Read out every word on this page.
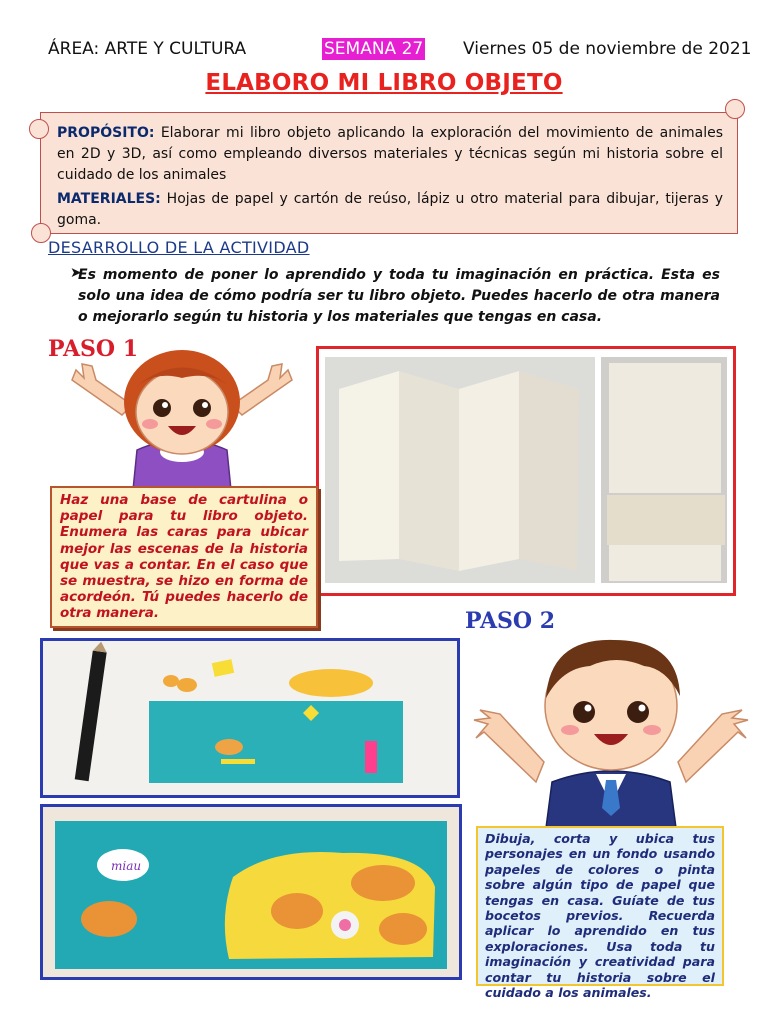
ÁREA: ARTE Y CULTURA	SEMANA 27 Viernes 05 de noviembre de 2021
ELABORO MI LIBRO OBJETO
PROPÓSITO: Elaborar mi libro objeto aplicando la exploración del movimiento de animales en 2D y 3D, así como empleando diversos materiales y técnicas según mi historia sobre el cuidado de los animales
MATERIALES: Hojas de papel y cartón de reúso, lápiz u otro material para dibujar, tijeras y goma.
DESARROLLO DE LA ACTIVIDAD
➤
Es momento de poner lo aprendido y toda tu imaginación en práctica. Esta es solo una idea de cómo podría ser tu libro objeto. Puedes hacerlo de otra manera o mejorarlo según tu historia y los materiales que tengas en casa.
PASO 1
Haz una base de cartulina o papel para tu libro objeto. Enumera las caras para ubicar mejor las escenas de la historia que vas a contar. En el caso que se muestra, se hizo en forma de acordeón. Tú puedes hacerlo de otra manera.	PASO 2
miau
Dibuja, corta y ubica tus personajes en un fondo usando papeles de colores o pinta sobre algún tipo de papel que tengas en casa. Guíate de tus bocetos previos. Recuerda aplicar lo aprendido en tus exploraciones. Usa toda tu imaginación y creatividad para contar tu historia sobre el cuidado a los animales.
